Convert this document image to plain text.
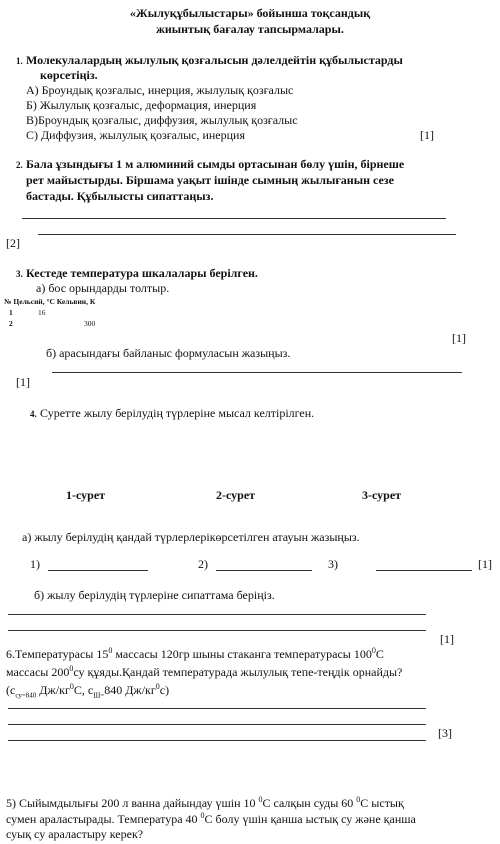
«Жылуқұбылыстары» бойынша тоқсандық
жиынтық бағалау тапсырмалары.
1. Молекулалардың жылулық қозғалысын дәлелдейтін құбылыстарды
көрсетіңіз.
А) Броундық қозғалыс, инерция, жылулық қозғалыс
Б) Жылулық қозғалыс, деформация, инерция
В)Броундық қозғалыс, диффузия, жылулық қозғалыс
С) Диффузия, жылулық қозғалыс, инерция	[1]
2. Бала ұзындығы 1 м алюминий сымды ортасынан бөлу үшін, бірнеше
рет майыстырды. Біршама уақыт ішінде сымның жылығанын сезе
бастады. Құбылысты сипаттаңыз.
[2]
3. Кестеде температура шкалалары берілген.
а) бос орындарды толтыр.
№ Цельсий, °С Кельвин, К
1	16
2	300
[1]
б) арасындағы байланыс формуласын жазыңыз.
[1]
4. Суретте жылу берілудің түрлеріне мысал келтірілген.
1-сурет	2-сурет	3-сурет
а) жылу берілудің қандай түрлерлерікөрсетілген атауын жазыңыз.
1)	2)	3)	[1]
б) жылу берілудің түрлеріне сипаттама беріңіз.
[1]
6.Температурасы $15^0$ массасы 120гр шыны стаканга температурасы $100^0С$
массасы $200^0су$ құяды.Қандай температурада жылулық тепе-теңдік орнайды?
($с_{су=840}$ $Дж/кг^0С$, $с_{Ш=}840$ $Дж/кг^0с$)
[3]
5) Сыйымдылығы 200 л ванна дайындау үшін 10 $^0$С салқын суды 60 $^0$С ыстық
сумен араластырады. Температура 40 $^0$С болу үшін қанша ыстық су және қанша
суық су араластыру керек?
